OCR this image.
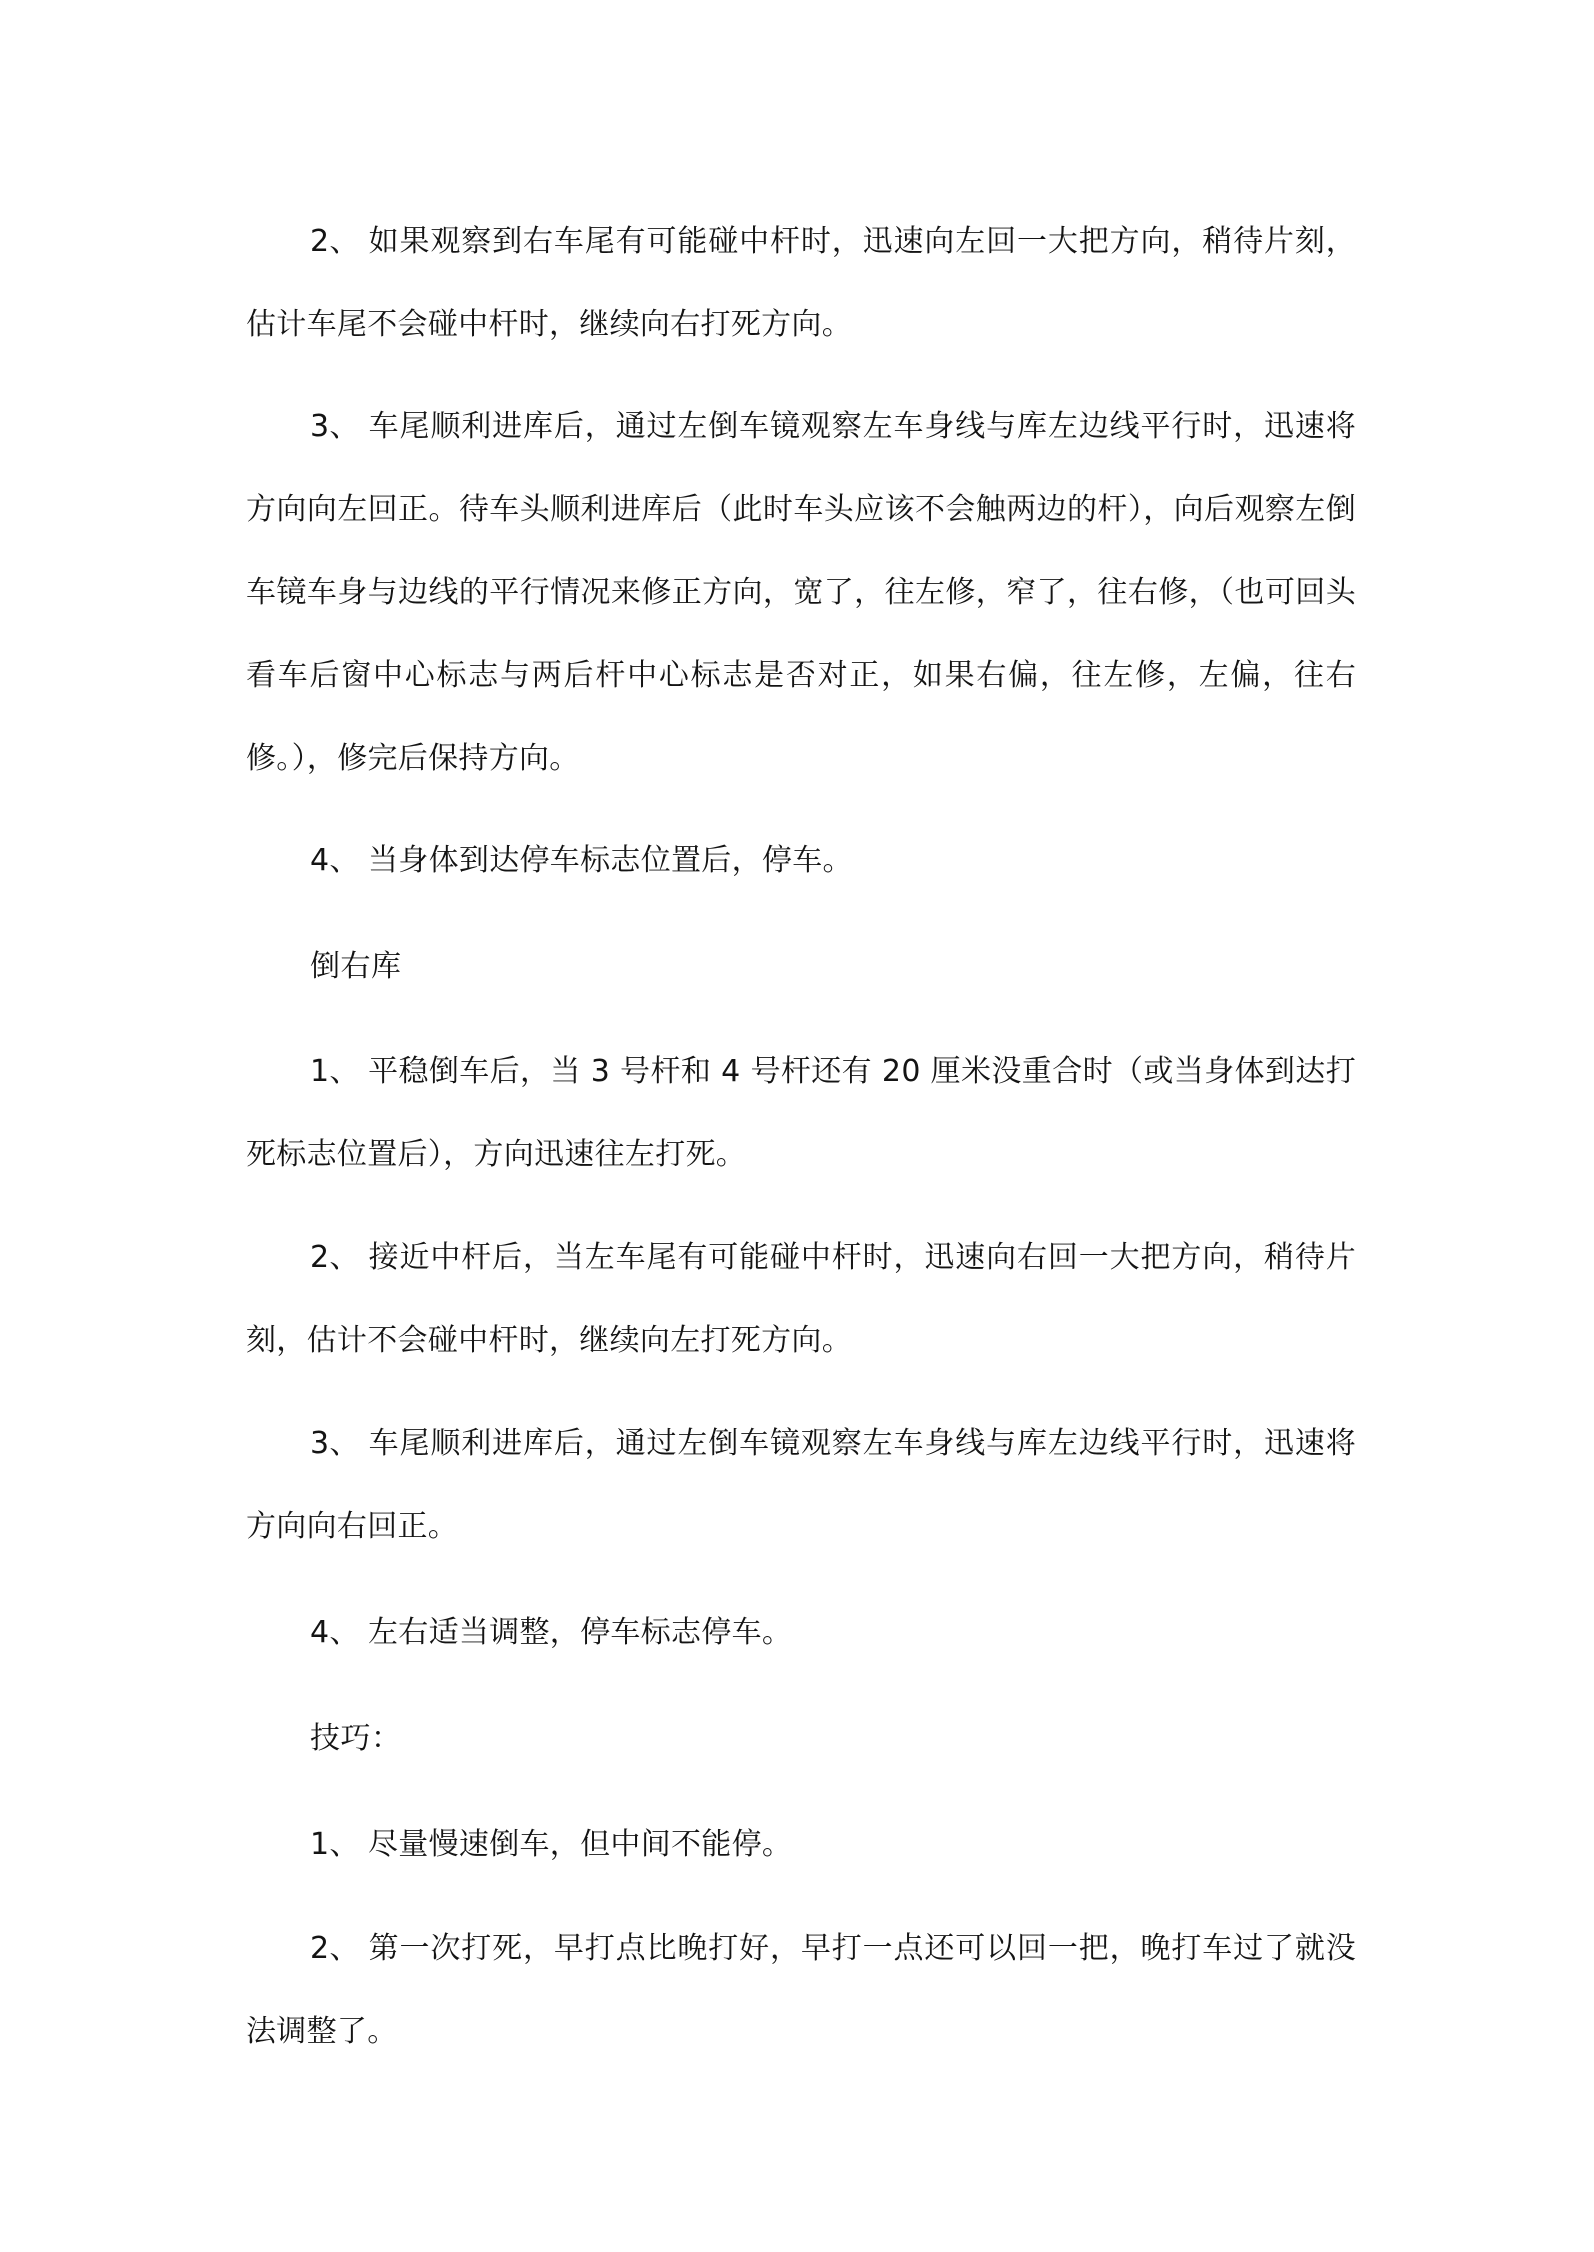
2、 如果观察到右车尾有可能碰中杆时，迅速向左回一大把方向，稍待片刻，估计车尾不会碰中杆时，继续向右打死方向。

3、 车尾顺利进库后，通过左倒车镜观察左车身线与库左边线平行时，迅速将方向向左回正。待车头顺利进库后（此时车头应该不会触两边的杆），向后观察左倒车镜车身与边线的平行情况来修正方向，宽了，往左修，窄了，往右修，（也可回头看车后窗中心标志与两后杆中心标志是否对正，如果右偏，往左修，左偏，往右修。），修完后保持方向。

4、 当身体到达停车标志位置后，停车。

倒右库

1、 平稳倒车后，当 3 号杆和 4 号杆还有 20 厘米没重合时（或当身体到达打死标志位置后），方向迅速往左打死。

2、 接近中杆后，当左车尾有可能碰中杆时，迅速向右回一大把方向，稍待片刻，估计不会碰中杆时，继续向左打死方向。

3、 车尾顺利进库后，通过左倒车镜观察左车身线与库左边线平行时，迅速将方向向右回正。

4、 左右适当调整，停车标志停车。

技巧：

1、 尽量慢速倒车，但中间不能停。

2、 第一次打死，早打点比晚打好，早打一点还可以回一把，晚打车过了就没法调整了。
